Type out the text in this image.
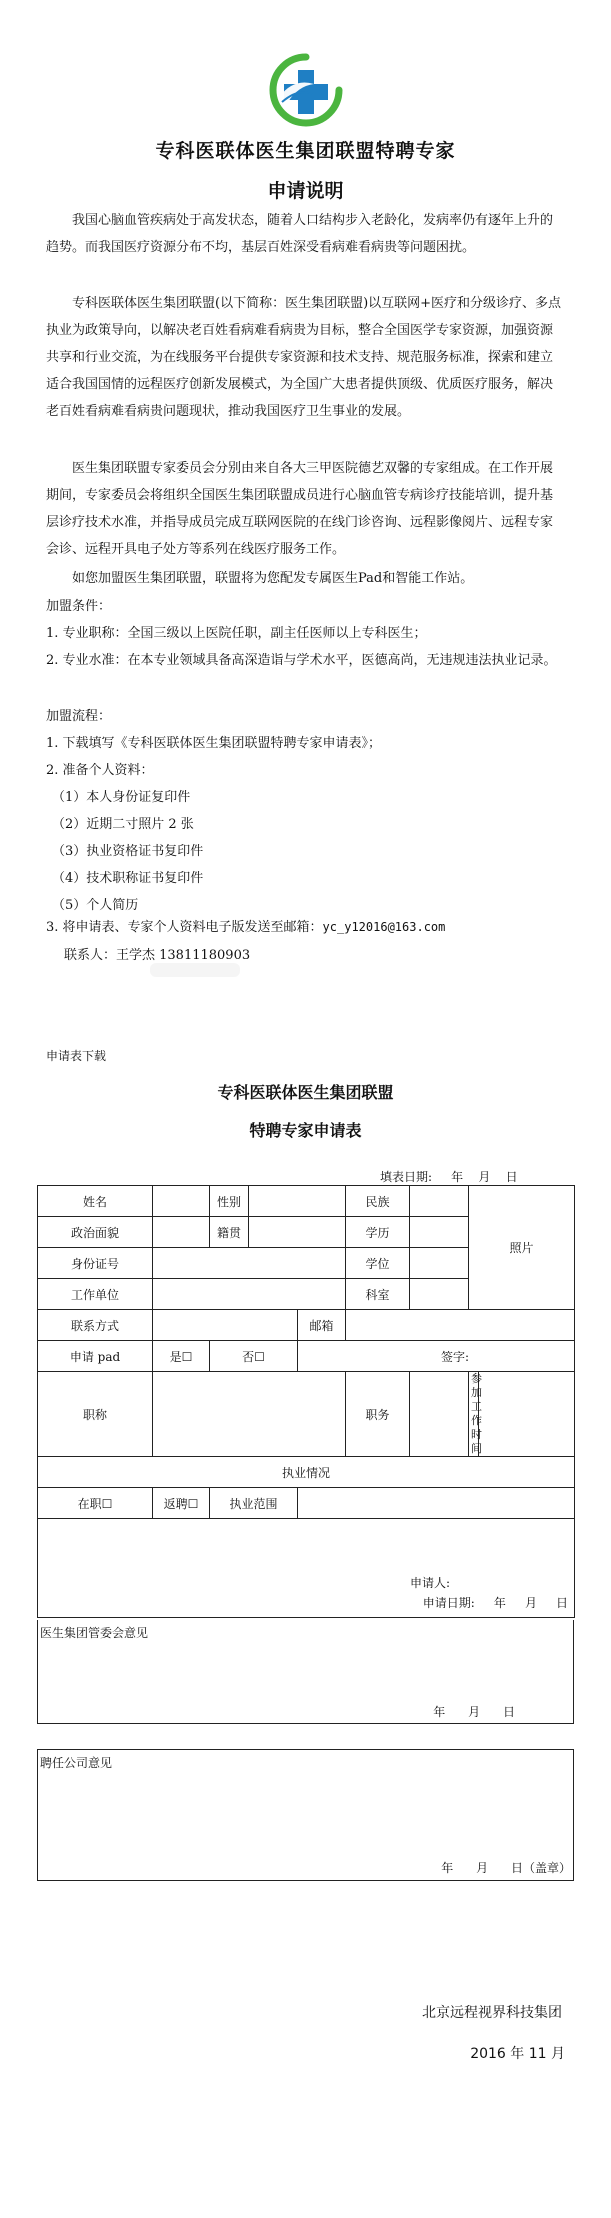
专科医联体医生集团联盟特聘专家
申请说明

我国心脑血管疾病处于高发状态，随着人口结构步入老龄化，发病率仍有逐年上升的趋势。而我国医疗资源分布不均，基层百姓深受看病难看病贵等问题困扰。

专科医联体医生集团联盟(以下简称：医生集团联盟)以互联网+医疗和分级诊疗、多点执业为政策导向，以解决老百姓看病难看病贵为目标，整合全国医学专家资源，加强资源共享和行业交流，为在线服务平台提供专家资源和技术支持、规范服务标准，探索和建立适合我国国情的远程医疗创新发展模式，为全国广大患者提供顶级、优质医疗服务，解决老百姓看病难看病贵问题现状，推动我国医疗卫生事业的发展。

医生集团联盟专家委员会分别由来自各大三甲医院德艺双馨的专家组成。在工作开展期间，专家委员会将组织全国医生集团联盟成员进行心脑血管专病诊疗技能培训，提升基层诊疗技术水准，并指导成员完成互联网医院的在线门诊咨询、远程影像阅片、远程专家会诊、远程开具电子处方等系列在线医疗服务工作。

如您加盟医生集团联盟，联盟将为您配发专属医生Pad和智能工作站。

加盟条件：
1. 专业职称：全国三级以上医院任职，副主任医师以上专科医生；
2. 专业水准：在本专业领域具备高深造诣与学术水平，医德高尚，无违规违法执业记录。
加盟流程：
1. 下载填写《专科医联体医生集团联盟特聘专家申请表》；
2. 准备个人资料：
（1）本人身份证复印件
（2）近期二寸照片 2 张
（3）执业资格证书复印件
（4）技术职称证书复印件
（5）个人简历
3. 将申请表、专家个人资料电子版发送至邮箱：yc_y12016@163.com
联系人：王学杰 13811180903
申请表下载
专科医联体医生集团联盟
特聘专家申请表
填表日期:     年    月    日
姓名		性别			民族		照片	
政治面貌		籍贯			学历			
身份证号					学位			
工作单位					科室			
联系方式				邮箱				
申请 pad	是☐	否☐		签字:				
职称					职务		参加工
作时间	
执业情况								
在职☐	返聘☐	执业范围						

申请人:
申请日期:     年     月     日								
医生集团管委会意见
年      月      日
聘任公司意见
年      月      日（盖章）
北京远程视界科技集团
2016 年 11 月
